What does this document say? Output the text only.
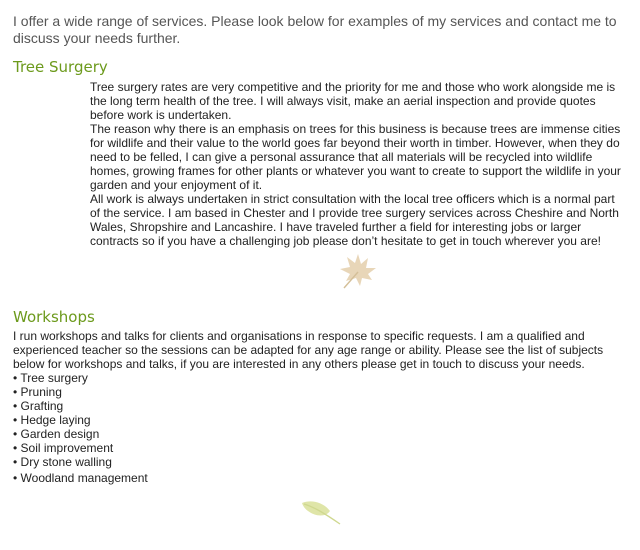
I offer a wide range of services. Please look below for examples of my services and contact me to discuss your needs further.

Tree Surgery

Tree surgery rates are very competitive and the priority for me and those who work alongside me is the long term health of the tree. I will always visit, make an aerial inspection and provide quotes before work is undertaken.

The reason why there is an emphasis on trees for this business is because trees are immense cities for wildlife and their value to the world goes far beyond their worth in timber. However, when they do need to be felled, I can give a personal assurance that all materials will be recycled into wildlife homes, growing frames for other plants or whatever you want to create to support the wildlife in your garden and your enjoyment of it.

All work is always undertaken in strict consultation with the local tree officers which is a normal part of the service. I am based in Chester and I provide tree surgery services across Cheshire and North Wales, Shropshire and Lancashire. I have traveled further a field for interesting jobs or larger contracts so if you have a challenging job please don’t hesitate to get in touch wherever you are!

Workshops

I run workshops and talks for clients and organisations in response to specific requests. I am a qualified and experienced teacher so the sessions can be adapted for any age range or ability. Please see the list of subjects below for workshops and talks, if you are interested in any others please get in touch to discuss your needs.

• Tree surgery
• Pruning
• Grafting
• Hedge laying
• Garden design
• Soil improvement
• Dry stone walling
• Woodland management
